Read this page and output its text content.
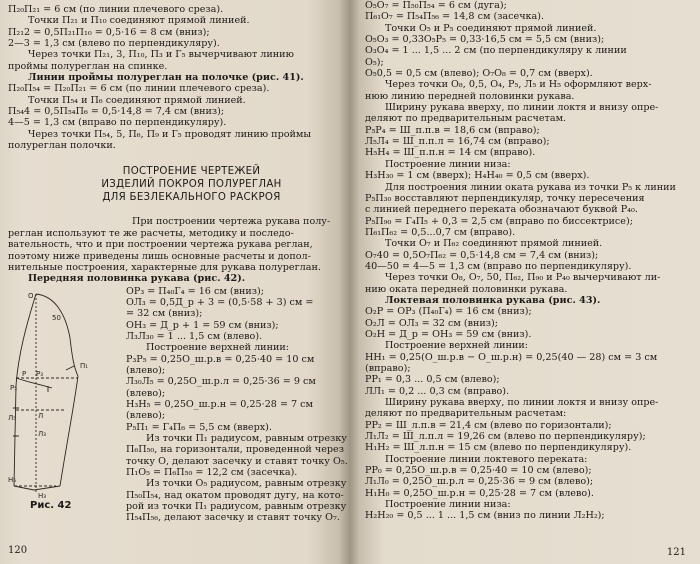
П₂₀П₂₁ = 6 см (по линии плечевого среза).
Точки П₂₁ и П₁₀ соединяют прямой линией.
П₂₁2 = 0,5П₂₁П₁₀ = 0,5·16 = 8 см (вниз);
2—3 = 1,3 см (влево по перпендикуляру).
Через точки П₂₁, 3, П₁₀, П₃ и Г₅ вычерчивают линию
проймы полуреглан на спинке.
Линии проймы полуреглан на полочке (рис. 41).
П₂₀П₅₄ = П₂₀П₂₁ = 6 см (по линии плечевого среза).
Точки П₅₄ и П₆ соединяют прямой линией.
П₅₄4 = 0,5П₅₄П₆ = 0,5·14,8 = 7,4 см (вниз);
4—5 = 1,3 см (вправо по перпендикуляру).
Через точки П₅₄, 5, П₆, П₉ и Г₅ проводят линию проймы
полуреглан полочки.
ПОСТРОЕНИЕ ЧЕРТЕЖЕЙ
ИЗДЕЛИЙ ПОКРОЯ ПОЛУРЕГЛАН
ДЛЯ БЕЗЛЕКАЛЬНОГО РАСКРОЯ
При построении чертежа рукава полу-
реглан используют те же расчеты, методику и последо-
вательность, что и при построении чертежа рукава реглан,
поэтому ниже приведены лишь основные расчеты и допол-
нительные построения, характерные для рукава полуреглан.
Передняя половинка рукава (рис. 42).
О
50
Р Р₃
Р₅
Л
Л₅
Л₃
Н₅
Н₃
П₁
ОР₃ = П₄₀Г₄ = 16 см (вниз);
ОЛ₃ = 0,5Д_р + 3 = (0,5·58 + 3) см =
= 32 см (вниз);
ОН₃ = Д_р + 1 = 59 см (вниз);
Л₃Л₃₀ = 1 ... 1,5 см (влево).
Построение верхней линии:
Р₃Р₅ = 0,25О_ш.р.в = 0,25·40 = 10 см
(влево);
Л₃₀Л₅ = 0,25О_ш.р.л = 0,25·36 = 9 см
(влево);
Н₃Н₅ = 0,25О_ш.р.н = 0,25·28 = 7 см
(влево);
Р₅П₁ = Г₄П₆ = 5,5 см (вверх).
Из точки П₁ радиусом, равным отрезку
П₆П₅₀, на горизонтали, проведенной через
точку О, делают засечку и ставят точку О₅.
П₁О₅ = П₆П₅₀ = 12,2 см (засечка).
Из точки О₅ радиусом, равным отрезку
П₅₀П₅₄, над окатом проводят дугу, на кото-
рой из точки П₁ радиусом, равным отрезку
П₅₄П₅₆, делают засечку и ставят точку О₇.
Рис. 42
120
О₅О₇ = П₅₀П₅₄ = 6 см (дуга);
П₆₁О₇ = П₅₄П₅₆ = 14,8 см (засечка).
Точки О₅ и Р₅ соединяют прямой линией.
О₅О₃ = 0,33О₅Р₅ = 0,33·16,5 см = 5,5 см (вниз);
О₃О₄ = 1 ... 1,5 ... 2 см (по перпендикуляру к линии
О₅);
О₅0,5 = 0,5 см (влево); О₇О₈ = 0,7 см (вверх).
Через точки О₈, 0,5, О₄, Р₅, Л₅ и Н₅ оформляют верх-
нюю линию передней половинки рукава.
Ширину рукава вверху, по линии локтя и внизу опре-
деляют по предварительным расчетам.
Р₅Р₄ = Ш_п.п.в = 18,6 см (вправо);
Л₅Л₄ = Ш_п.п.л = 16,74 см (вправо);
Н₅Н₄ = Ш_п.п.н = 14 см (вправо).
Построение линии низа:
Н₃Н₃₀ = 1 см (вверх); Н₄Н₄₀ = 0,5 см (вверх).
Для построения линии оката рукава из точки Р₅ к линии
Р₅П₃₀ восставляют перпендикуляр, точку пересечения
с линией переднего переката обозначают буквой Р₄₀.
Р₅П₉₀ = Г₄П₅ + 0,3 = 2,5 см (вправо по биссектрисе);
П₆₁П₆₂ = 0,5...0,7 см (вправо).
Точки О₇ и П₆₂ соединяют прямой линией.
О₇40 = 0,5О₇П₆₂ = 0,5·14,8 см = 7,4 см (вниз);
40—50 = 4—5 = 1,3 см (вправо по перпендикуляру).
Через точки О₈, О₇, 50, П₆₂, П₉₀ и Р₄₀ вычерчивают ли-
нию оката передней половинки рукава.
Локтевая половинка рукава (рис. 43).
О₂Р = ОР₃ (П₄₀Г₄) = 16 см (вниз);
О₂Л = ОЛ₃ = 32 см (вниз);
О₂Н = Д_р = ОН₃ = 59 см (вниз).
Построение верхней линии:
НН₁ = 0,25(О_ш.р.в − О_ш.р.н) = 0,25(40 — 28) см = 3 см
(вправо);
РР₁ = 0,3 ... 0,5 см (влево);
ЛЛ₁ = 0,2 ... 0,3 см (вправо).
Ширину рукава вверху, по линии локтя и внизу опре-
деляют по предварительным расчетам:
РР₂ = Ш_л.п.в = 21,4 см (влево по горизонтали);
Л₁Л₂ = Ш_л.п.л = 19,26 см (влево по перпендикуляру);
Н₁Н₂ = Ш_л.п.н = 15 см (влево по перпендикуляру).
Построение линии локтевого переката:
РР₀ = 0,25О_ш.р.в = 0,25·40 = 10 см (влево);
Л₁Л₀ = 0,25О_ш.р.л = 0,25·36 = 9 см (влево);
Н₁Н₀ = 0,25О_ш.р.н = 0,25·28 = 7 см (влево).
Построение линии низа:
Н₂Н₂₀ = 0,5 ... 1 ... 1,5 см (вниз по линии Л₂Н₂);
121
